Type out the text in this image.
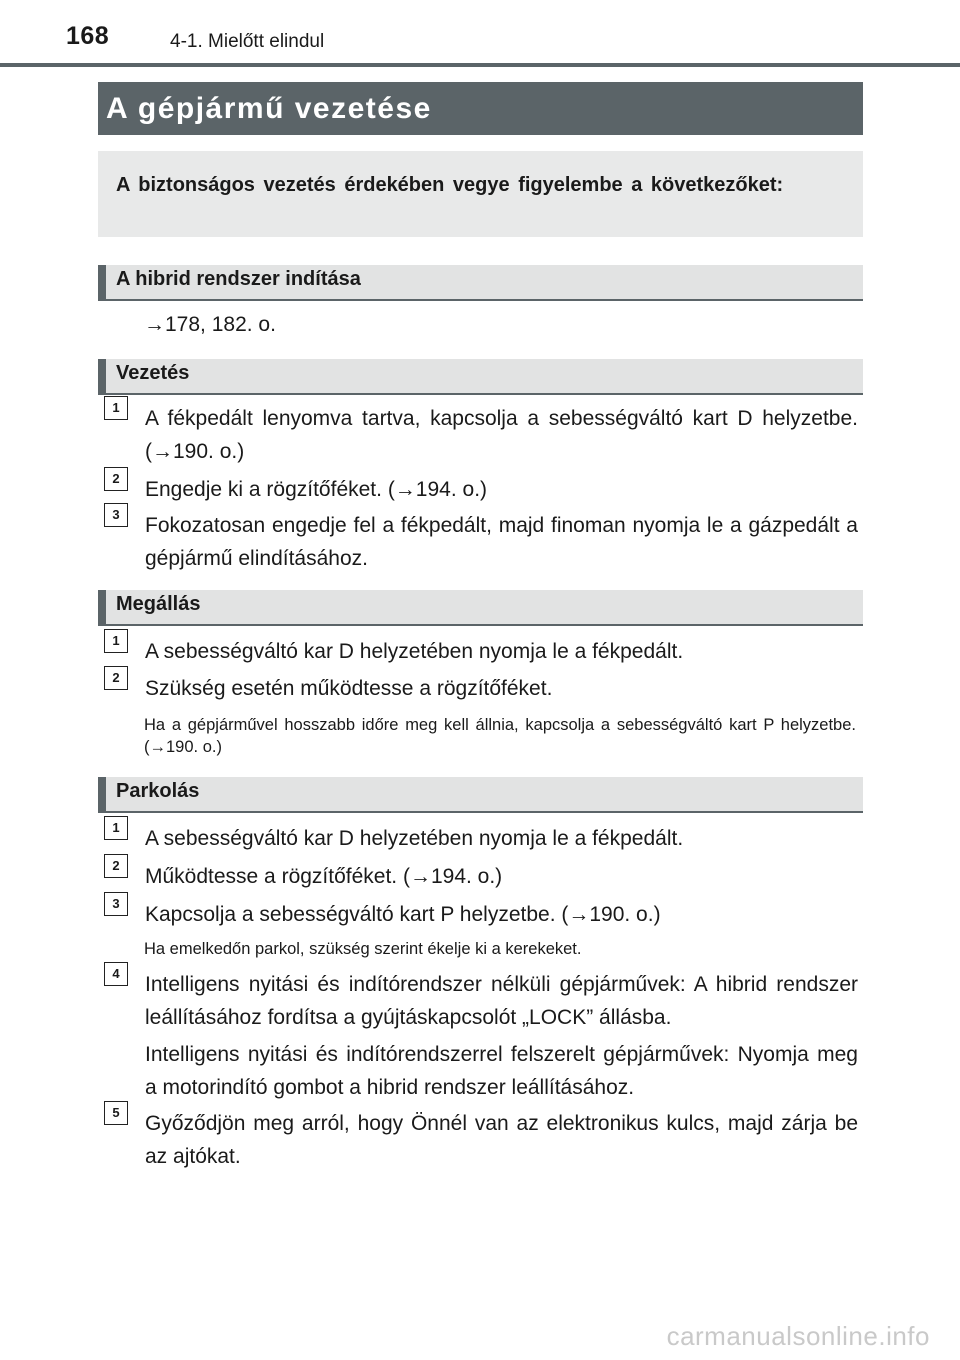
168	4-1. Mielőtt elindul
A gépjármű vezetése
A biztonságos vezetés érdekében vegye figyelembe a következőket:
A hibrid rendszer indítása
→178, 182. o.
Vezetés
1	A fékpedált lenyomva tartva, kapcsolja a sebességváltó kart D helyzetbe. (→190. o.)
2	Engedje ki a rögzítőféket. (→194. o.)
3	Fokozatosan engedje fel a fékpedált, majd finoman nyomja le a gázpedált a gépjármű elindításához.
Megállás
1	A sebességváltó kar D helyzetében nyomja le a fékpedált.
2	Szükség esetén működtesse a rögzítőféket.
Ha a gépjárművel hosszabb időre meg kell állnia, kapcsolja a sebességváltó kart P helyzetbe. (→190. o.)
Parkolás
1	A sebességváltó kar D helyzetében nyomja le a fékpedált.
2	Működtesse a rögzítőféket. (→194. o.)
3	Kapcsolja a sebességváltó kart P helyzetbe. (→190. o.)
Ha emelkedőn parkol, szükség szerint ékelje ki a kerekeket.
4	Intelligens nyitási és indítórendszer nélküli gépjárművek: A hibrid rendszer leállításához fordítsa a gyújtáskapcsolót „LOCK” állásba.
Intelligens nyitási és indítórendszerrel felszerelt gépjárművek: Nyomja meg a motorindító gombot a hibrid rendszer leállításához.
5	Győződjön meg arról, hogy Önnél van az elektronikus kulcs, majd zárja be az ajtókat.
carmanualsonline.info
